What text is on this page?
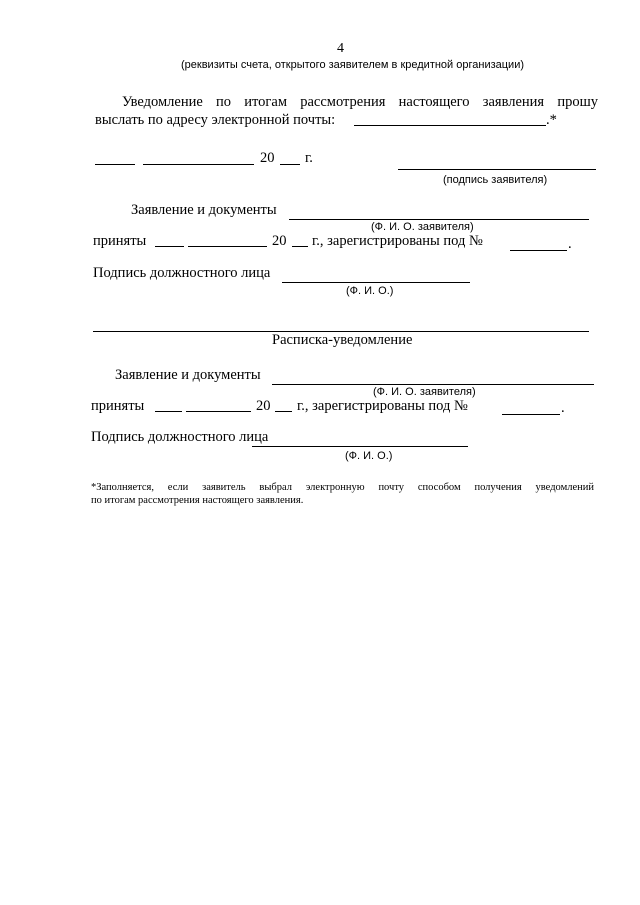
4
(реквизиты счета, открытого заявителем в кредитной организации)
Уведомление по итогам рассмотрения настоящего заявления прошу
выслать по адресу электронной почты:	.*
20 г.
(подпись заявителя)
Заявление и документы
(Ф. И. О. заявителя)
приняты	20 г., зарегистрированы под №	.
Подпись должностного лица
(Ф. И. О.)
Расписка-уведомление
Заявление и документы
(Ф. И. О. заявителя)
приняты	20 г., зарегистрированы под №	.
Подпись должностного лица
(Ф. И. О.)
*Заполняется, если заявитель выбрал электронную почту способом получения уведомлений
по итогам рассмотрения настоящего заявления.
